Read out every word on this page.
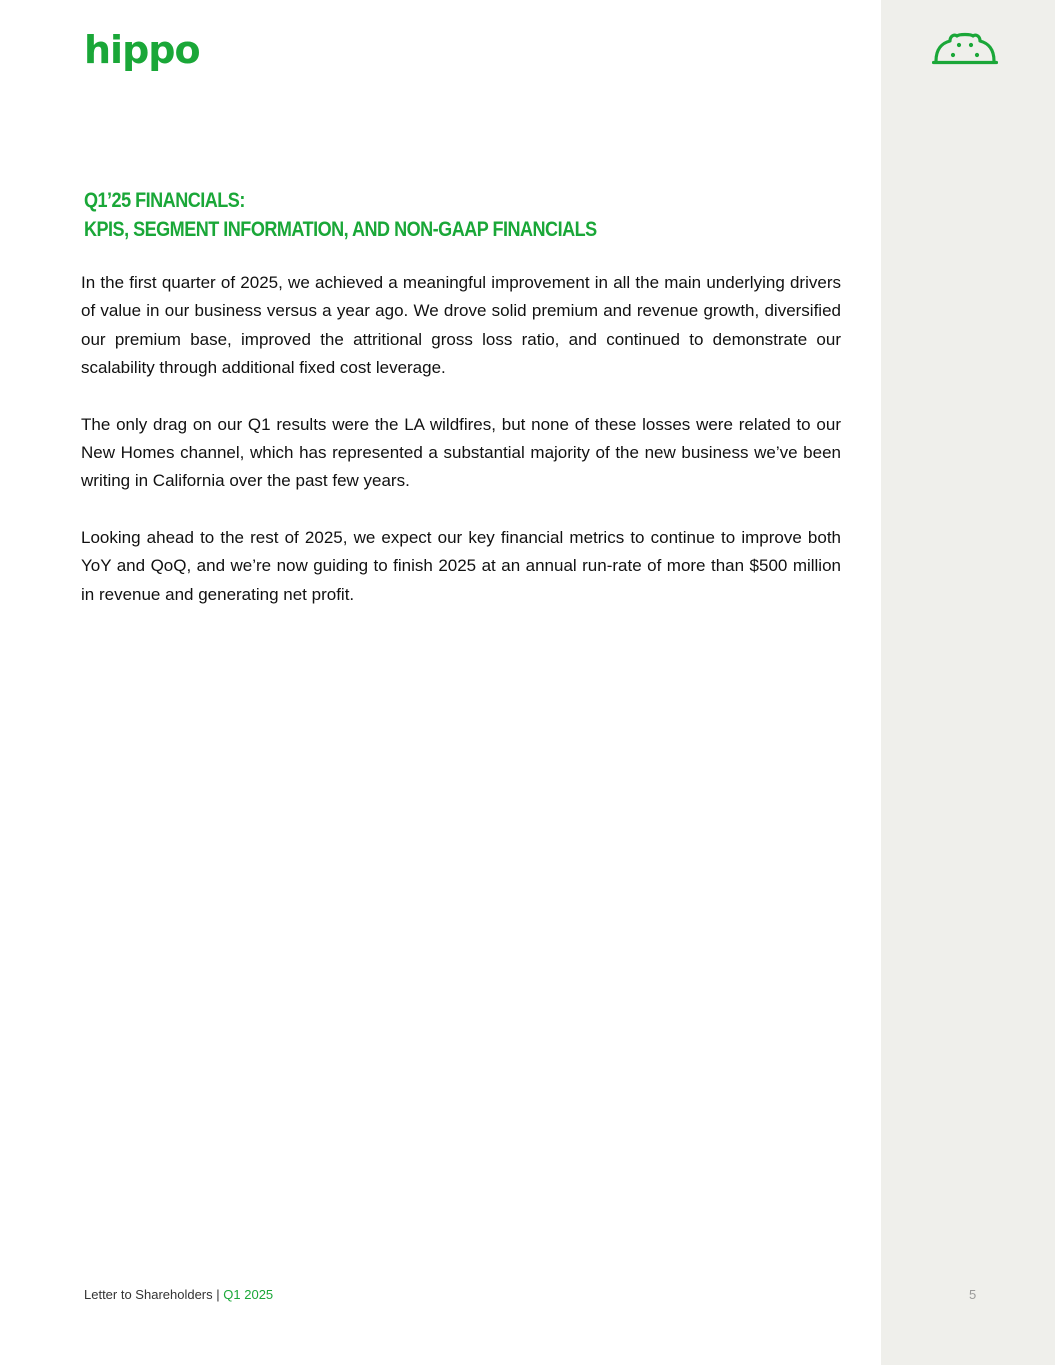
hippo
Q1’25 FINANCIALS:
KPIS, SEGMENT INFORMATION, AND NON-GAAP FINANCIALS

In the first quarter of 2025, we achieved a meaningful improvement in all the main underlying drivers of value in our business versus a year ago. We drove solid premium and revenue growth, diversified our premium base, improved the attritional gross loss ratio, and continued to demonstrate our scalability through additional fixed cost leverage.

The only drag on our Q1 results were the LA wildfires, but none of these losses were related to our New Homes channel, which has represented a substantial majority of the new business we’ve been writing in California over the past few years.

Looking ahead to the rest of 2025, we expect our key financial metrics to continue to improve both YoY and QoQ, and we’re now guiding to finish 2025 at an annual run-rate of more than $500 million in revenue and generating net profit.

Letter to Shareholders | Q1 2025	5
